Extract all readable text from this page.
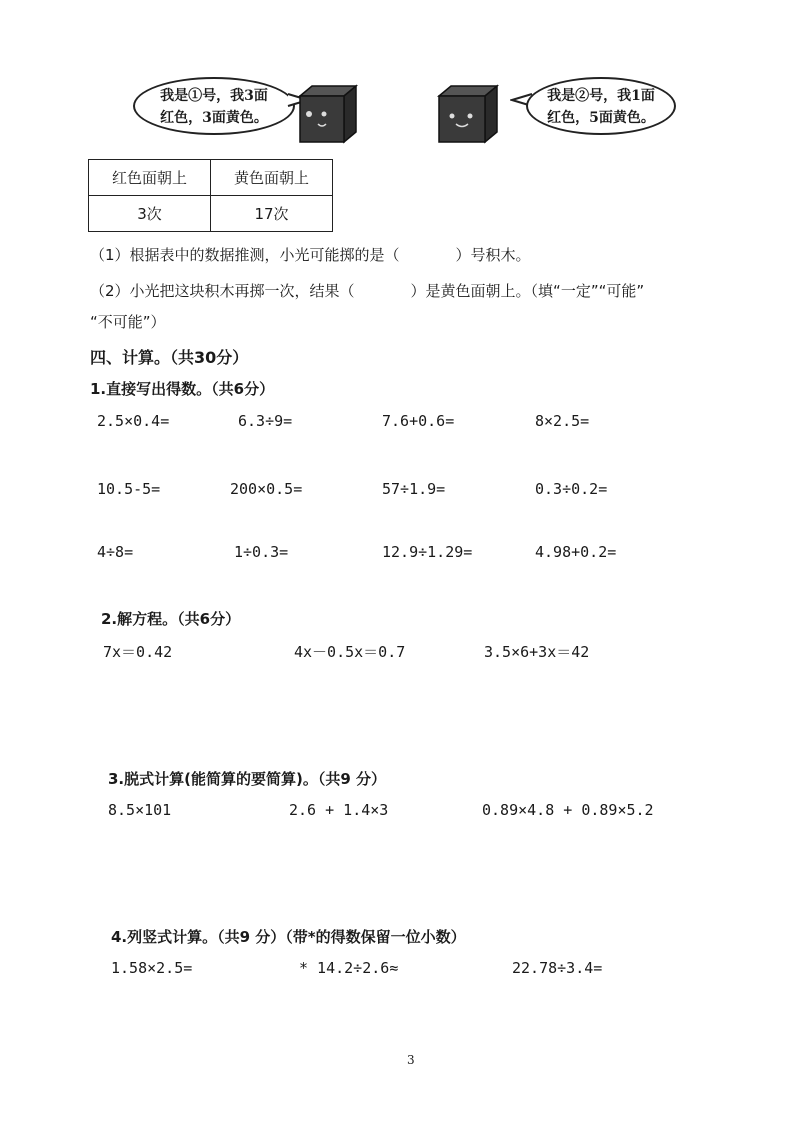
我是①号，我3面
红色，3面黄色。
我是②号，我1面
红色，5面黄色。
红色面朝上	黄色面朝上
3次	17次
（1）根据表中的数据推测，小光可能掷的是（	）号积木。
（2）小光把这块积木再掷一次，结果（	）是黄色面朝上。（填“一定”“可能”
“不可能”）
四、计算。（共30分）
1.直接写出得数。（共6分）
2.5×0.4=	6.3÷9=	7.6+0.6=	8×2.5=
10.5-5=	200×0.5=	57÷1.9=	0.3÷0.2=
4÷8=	1÷0.3=	12.9÷1.29=	4.98+0.2=
2.解方程。（共6分）
7x＝0.42	4x－0.5x＝0.7	3.5×6+3x＝42
3.脱式计算(能简算的要简算)。（共9 分）
8.5×101	2.6 + 1.4×3	0.89×4.8 + 0.89×5.2
4.列竖式计算。（共9 分）（带*的得数保留一位小数）
1.58×2.5=	* 14.2÷2.6≈	22.78÷3.4=
3
